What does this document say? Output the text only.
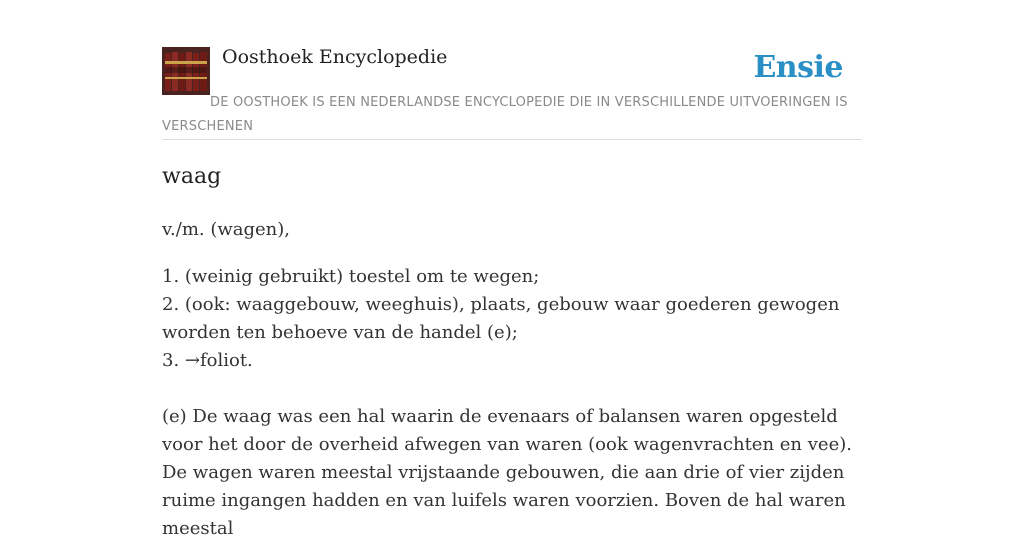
Oosthoek Encyclopedie	Ensie
DE OOSTHOEK IS EEN NEDERLANDSE ENCYCLOPEDIE DIE IN VERSCHILLENDE UITVOERINGEN IS VERSCHENEN
waag

v./m. (wagen),

1. (weinig gebruikt) toestel om te wegen;

2. (ook: waaggebouw, weeghuis), plaats, gebouw waar goederen gewogen worden ten behoeve van de handel (e);

3. →foliot.

(e) De waag was een hal waarin de evenaars of balansen waren opgesteld voor het door de overheid afwegen van waren (ook wagenvrachten en vee). De wagen waren meestal vrijstaande gebouwen, die aan drie of vier zijden ruime ingangen hadden en van luifels waren voorzien. Boven de hal waren meestal
